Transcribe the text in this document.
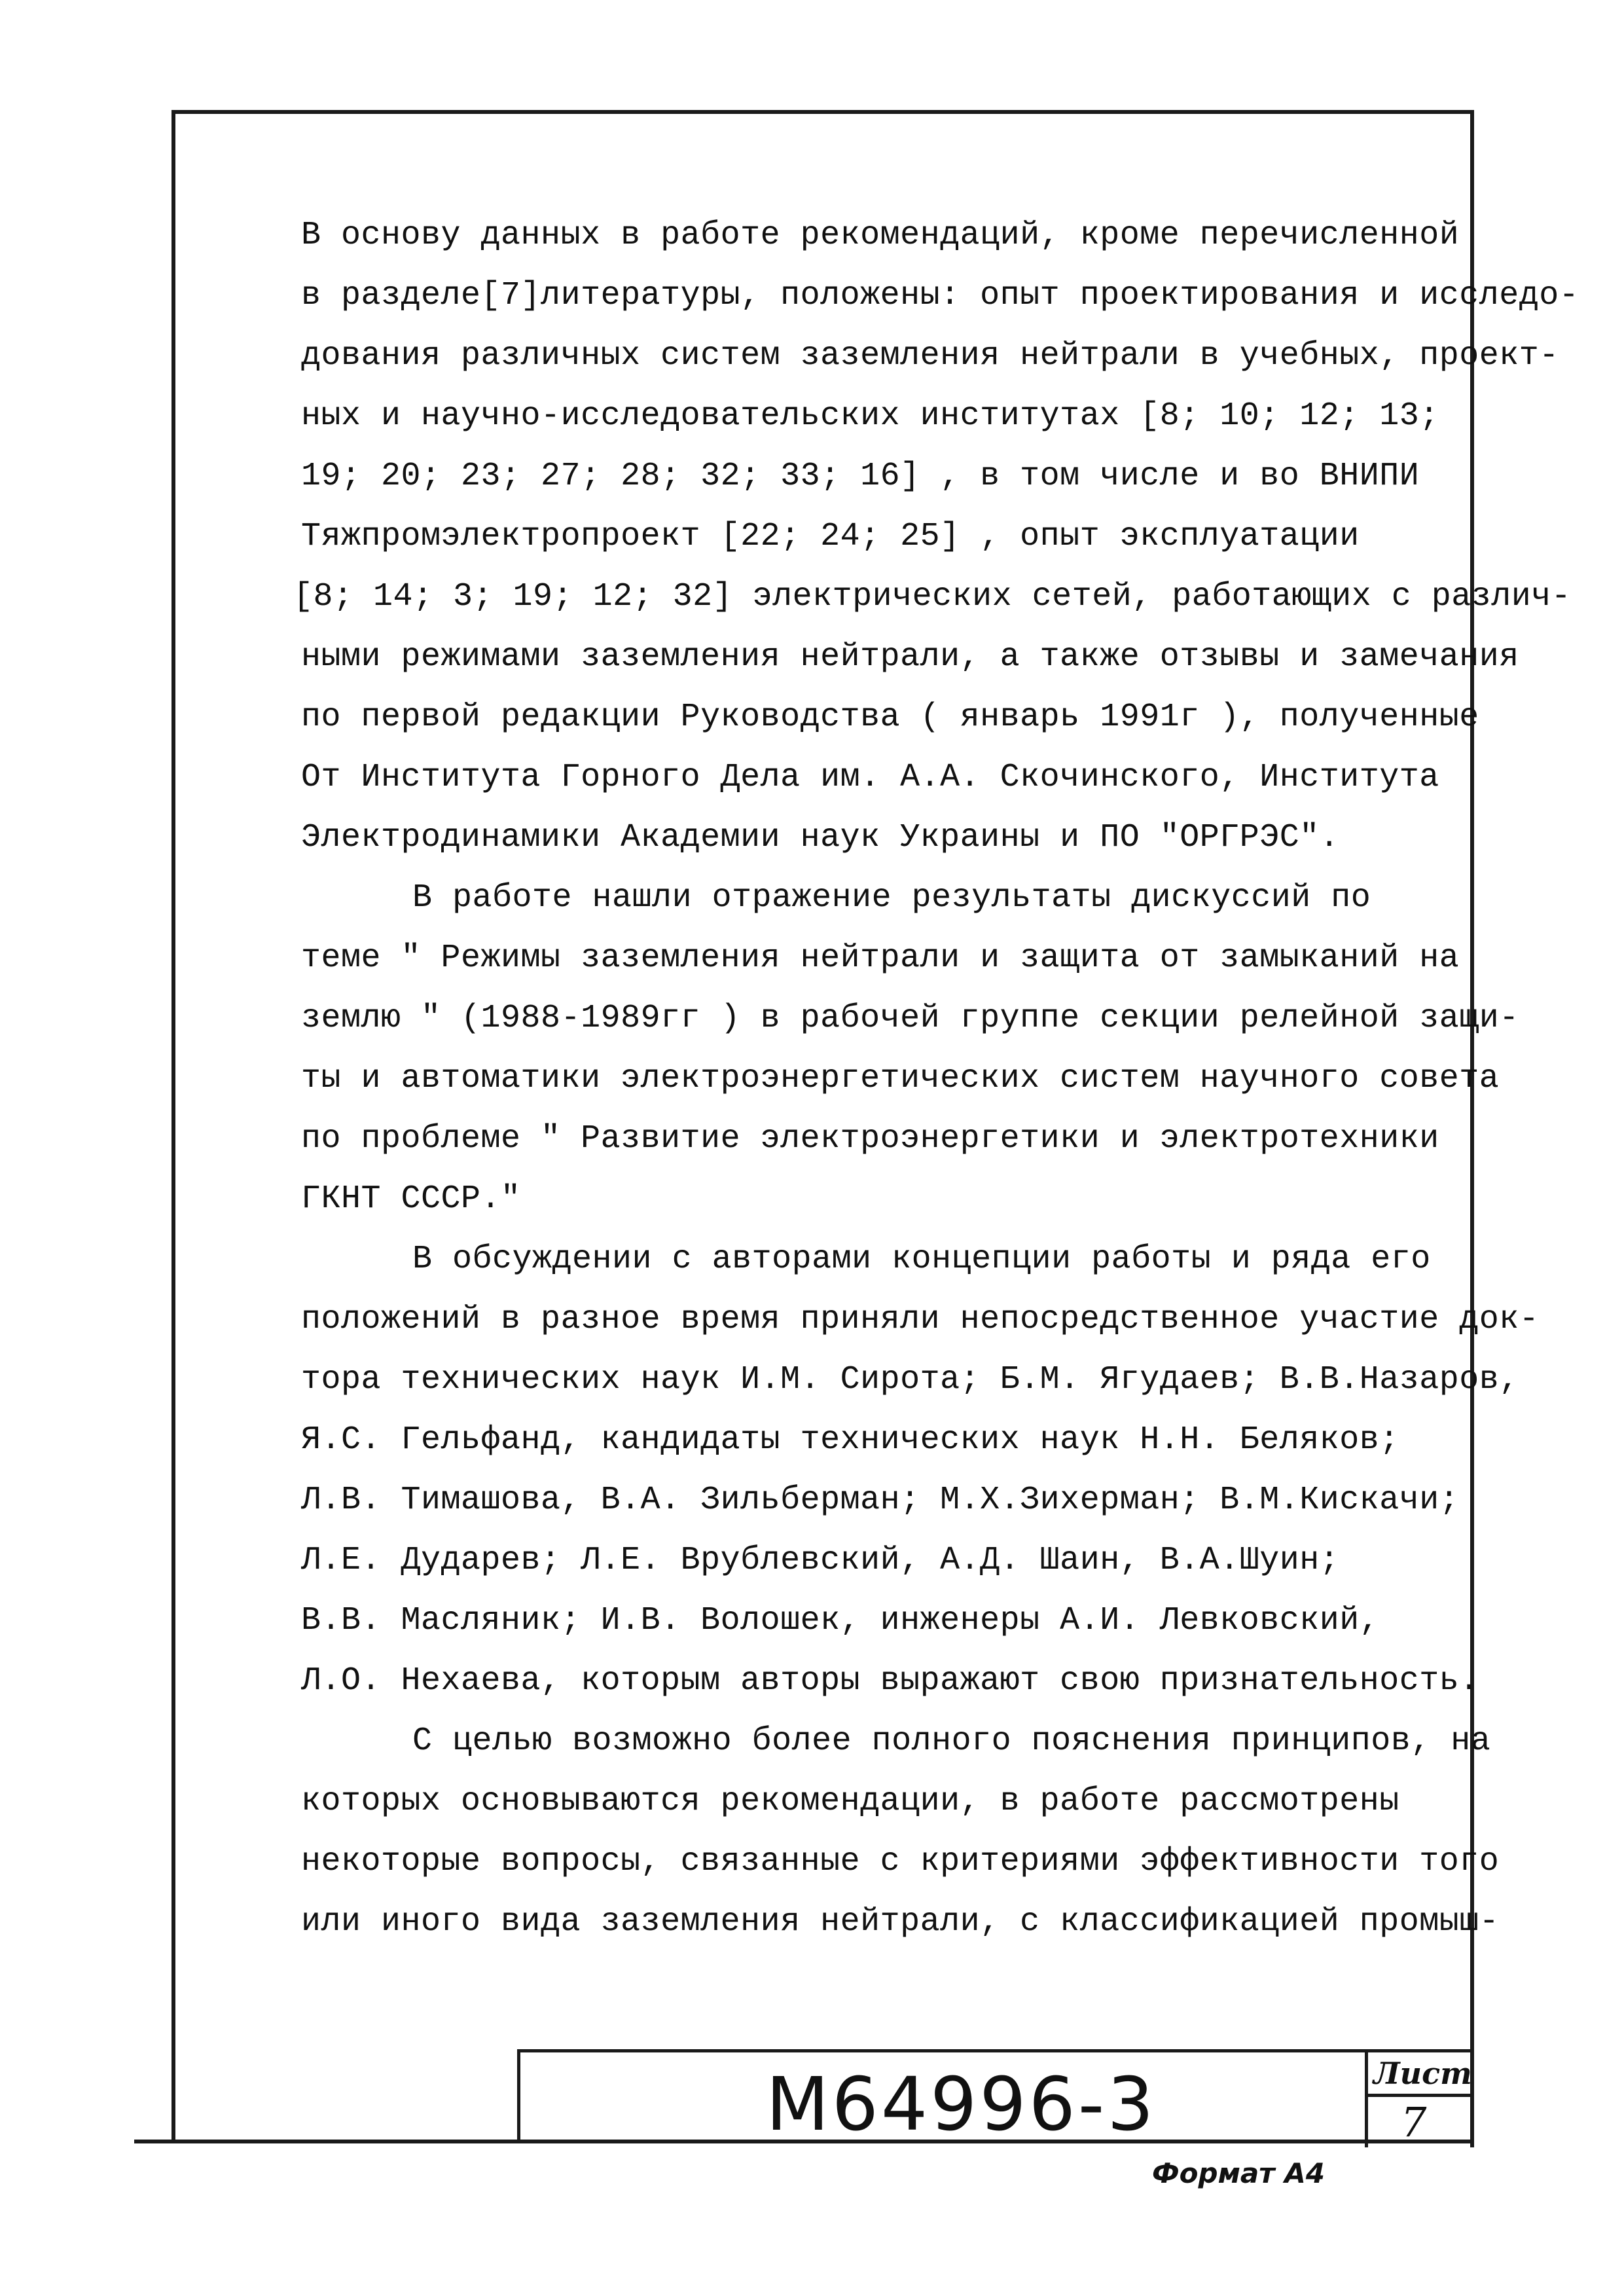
В основу данных в работе рекомендаций, кроме перечисленной
в разделе[7]литературы, положены: опыт проектирования и исследо-
дования различных систем заземления нейтрали в учебных, проект-
ных и научно-исследовательских институтах [8; 10; 12; 13;
19; 20; 23; 27; 28; 32; 33; 16] , в том числе и во ВНИПИ
Тяжпромэлектропроект [22; 24; 25] , опыт эксплуатации
[8; 14; 3; 19; 12; 32] электрических сетей, работающих с различ-
ными режимами заземления нейтрали, а также отзывы и замечания
по первой редакции Руководства ( январь 1991г ), полученные
От Института Горного Дела им. А.А. Скочинского, Института
Электродинамики Академии наук Украины и ПО "ОРГРЭС".
В работе нашли отражение результаты дискуссий по
теме " Режимы заземления нейтрали и защита от замыканий на
землю " (1988-1989гг ) в рабочей группе секции релейной защи-
ты и автоматики электроэнергетических систем научного совета
по проблеме " Развитие электроэнергетики и электротехники
ГКНТ СССР."
В обсуждении с авторами концепции работы и ряда его
положений в разное время приняли непосредственное участие док-
тора технических наук И.М. Сирота; Б.М. Ягудаев; В.В.Назаров,
Я.С. Гельфанд, кандидаты технических наук Н.Н. Беляков;
Л.В. Тимашова, В.А. Зильберман; М.Х.Зихерман; В.М.Кискачи;
Л.Е. Дударев; Л.Е. Врублевский, А.Д. Шаин, В.А.Шуин;
В.В. Масляник; И.В. Волошек, инженеры А.И. Левковский,
Л.О. Нехаева, которым авторы выражают свою признательность.
С целью возможно более полного пояснения принципов, на
которых основываются рекомендации, в работе рассмотрены
некоторые вопросы, связанные с критериями эффективности того
или иного вида заземления нейтрали, с классификацией промыш-
М64996-3	Лист
7
Формат А4
